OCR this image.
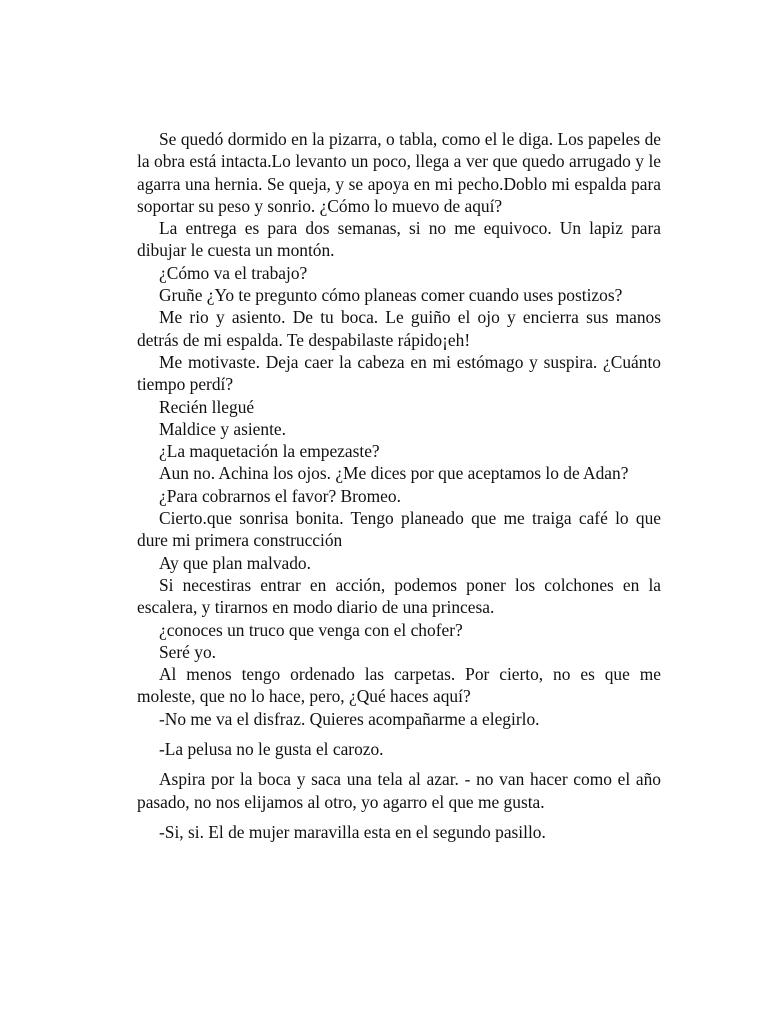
Se quedó dormido en la pizarra, o tabla, como el le diga. Los papeles de la obra está intacta.Lo levanto un poco, llega a ver que quedo arrugado y le agarra una hernia. Se queja, y se apoya en mi pecho.Doblo mi espalda para soportar su peso y sonrio. ¿Cómo lo muevo de aquí?

La entrega es para dos semanas, si no me equivoco. Un lapiz para dibujar le cuesta un montón.

¿Cómo va el trabajo?

Gruñe ¿Yo te pregunto cómo planeas comer cuando uses postizos?

Me rio y asiento. De tu boca. Le guiño el ojo y encierra sus manos detrás de mi espalda. Te despabilaste rápido¡eh!

Me motivaste. Deja caer la cabeza en mi estómago y suspira. ¿Cuánto tiempo perdí?

Recién llegué

Maldice y asiente.

¿La maquetación la empezaste?

Aun no. Achina los ojos. ¿Me dices por que aceptamos lo de Adan?

¿Para cobrarnos el favor? Bromeo.

Cierto.que sonrisa bonita. Tengo planeado que me traiga café lo que dure mi primera construcción

Ay que plan malvado.

Si necestiras entrar en acción, podemos poner los colchones en la escalera, y tirarnos en modo diario de una princesa.

¿conoces un truco que venga con el chofer?

Seré yo.

Al menos tengo ordenado las carpetas. Por cierto, no es que me moleste, que no lo hace, pero, ¿Qué haces aquí?

-No me va el disfraz. Quieres acompañarme a elegirlo.

-La pelusa no le gusta el carozo.

Aspira por la boca y saca una tela al azar. - no van hacer como el año pasado, no nos elijamos al otro, yo agarro el que me gusta.

-Si, si. El de mujer maravilla esta en el segundo pasillo.
